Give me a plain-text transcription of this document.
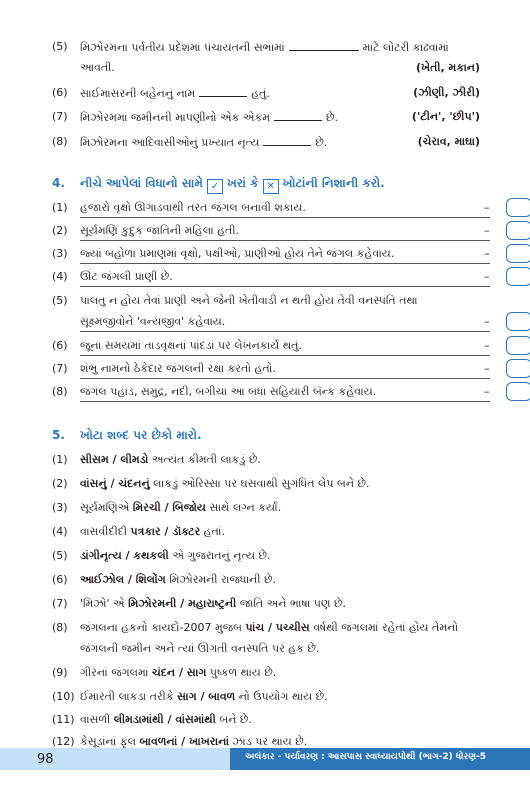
(5)	મિઝોરમના પર્વતીય પ્રદેશમાં પંચાયતની સભામાં	માટે લોટરી કાઢવામાં
આવતી.	(ખેતી, મકાન)
(6)	સાઈમાસરની બહેનનું નામ	હતું.	(ઝીણી, ઝીરી)
(7)	મિઝોરમમાં જમીનની માપણીનો એક એકમ	છે.	('ટીન', 'છીપ')
(8)	મિઝોરમના આદિવાસીઓનું પ્રખ્યાત નૃત્ય	છે.	(ચેરાવ, માઘા)
4. નીચે આપેલાં વિધાનો સામે ✓ ખરાં કે ✕ ખોટાંની નિશાની કરો.
(1) હજારો વૃક્ષો ઊગાડવાથી તરત જંગલ બનાવી શકાય.	–
(2) સૂર્યમણિ કુદુક જાતિની મહિલા હતી.	–
(3) જ્યાં બહોળા પ્રમાણમાં વૃક્ષો, પક્ષીઓ, પ્રાણીઓ હોય તેને જંગલ કહેવાય.	–
(4) ઊંટ જંગલી પ્રાણી છે.	–
(5) પાલતુ ન હોય તેવાં પ્રાણી અને જેની ખેતીવાડી ન થતી હોય તેવી વનસ્પતિ તથા
સૂક્ષ્મજીવોને 'વન્યજીવ' કહેવાય.	–
(6) જૂના સમયમાં તાડવૃક્ષનાં પાંદડાં પર લેખનકાર્ય થતું.	–
(7) શંભુ નામનો ઠેકેદાર જંગલની રક્ષા કરતો હતો.	–
(8) જંગલ પહાડ, સમુદ્ર, નદી, બગીચા આ બધા સહિયારી બૅન્ક કહેવાય.	–
5. ખોટા શબ્દ પર છેકો મારો.
(1)	સીસમ / લીમડો અત્યંત કીમતી લાકડું છે.
(2)	વાંસનું / ચંદનનું લાકડું ઓરિસ્સા પર ઘસવાથી સુગંધિત લેપ બને છે.
(3)	સૂર્યમણિએ મિરચી / બિજોય સાથે લગ્ન કર્યાં.
(4)	વાસવીદીદી પત્રકાર / ડૉક્ટર હતાં.
(5)	ડાંગીનૃત્ય / કથકલી એ ગુજરાતનું નૃત્ય છે.
(6)	આઈઝોલ / શિલોંગ મિઝોરમની રાજધાની છે.
(7)	'મિઝો' એ મિઝોરમની / મહારાષ્ટ્રની જાતિ અને ભાષા પણ છે.
(8)	જંગલના હકનો કાયદો-2007 મુજબ પાંચ / પચ્ચીસ વર્ષથી જંગલમાં રહેતાં હોય તેમનો
જંગલની જમીન અને ત્યાં ઊગતી વનસ્પતિ પર હક છે.
(9)	ગીરનાં જંગલમાં ચંદન / સાગ પુષ્કળ થાય છે.
(10) ઈમારતી લાકડા તરીકે સાગ / બાવળ નો ઉપયોગ થાય છે.
(11) વાંસળી લીમડામાંથી / વાંસમાંથી બને છે.
(12) કેસૂડાંનાં ફૂલ બાવળનાં / ખાખરાનાં ઝાડ પર થાય છે.
98	અલંકાર - પર્યાવરણ : આસપાસ સ્વાધ્યાયપોથી (ભાગ-2) ધોરણ-5
